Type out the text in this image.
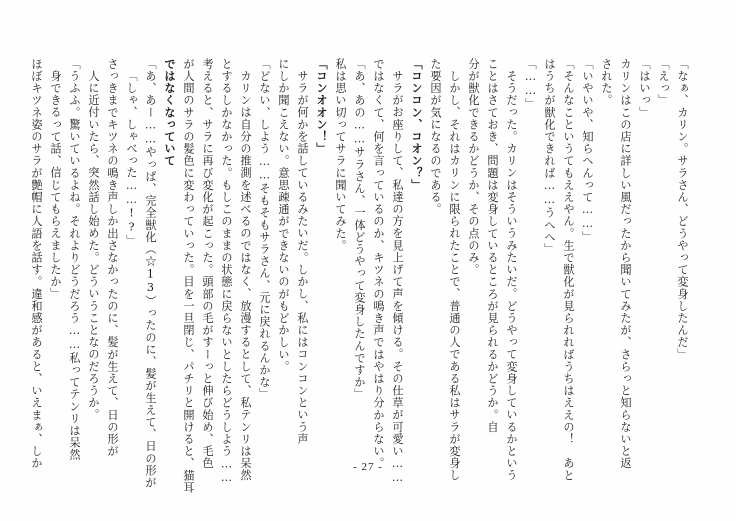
「なぁ、カリン。サラさん、どうやって変身したんだ」
「えっ」
「はいっ」
カリンはこの店に詳しい風だったから聞いてみたが、さらっと知らないと返
された。
「いやいや、知らへんって……」
「そんなこというてもええやん。生で獣化が見られればうちはええの！　あと
はうちが獣化できれば……うへへ」
「……」
そうだった。カリンはそういうみたいだ。どうやって変身しているかという
ことはさておき、問題は変身しているところが見られるかどうか。自
分が獣化できるかどうか、その点のみ。
しかし、それはカリンに限られたことで、普通の人である私はサラが変身し
た要因が気になるのである。
「コンコン、コオン？」
サラがお座りして、私達の方を見上げて声を傾ける。その仕草が可愛い……
ではなくて、何を言っているのか、キツネの鳴き声ではやはり分からない。
「あ、あの……サラさん、一体どうやって変身したんですか」
私は思い切ってサラに聞いてみた。
「コンオオン！」
サラが何かを話しているみたいだ。しかし、私にはコンコンという声
にしか聞こえない。意思疎通ができないのがもどかしい。
「どない、しよう……そもそもサラさん、元に戻れるんかな」
カリンは自分の推測を述べるのではなく、放漫するとして、私テンリは呆然
とするしかなかった。もしこのままの状態に戻らないとしたらどうしよう……
考えると、サラに再び変化が起こった。頭部の毛がすーっと伸び始め、毛色
が人間のサラの髪色に変わっていった。目を一旦閉じ、パチリと開けると、猫耳
ではなくなっていて
「あ、あー……やっぱ、完全獣化（☆13）ったのに、髪が生えて、日の形が
「しゃ、しゃべった……!?」
さっきまでキツネの鳴き声しか出さなかったのに、髪が生えて、日の形が
人に近付いたら、突然話し始めた。どういうことなのだろうか。
「うふふ。驚いているよね。それよりどうだろう……私ってテンリは呆然
身できるって話、信じてもらえましたか」
ほぼキツネ姿のサラが艶帽に人語を話す。違和感があると、いえまぁ、しか	- 27 -
